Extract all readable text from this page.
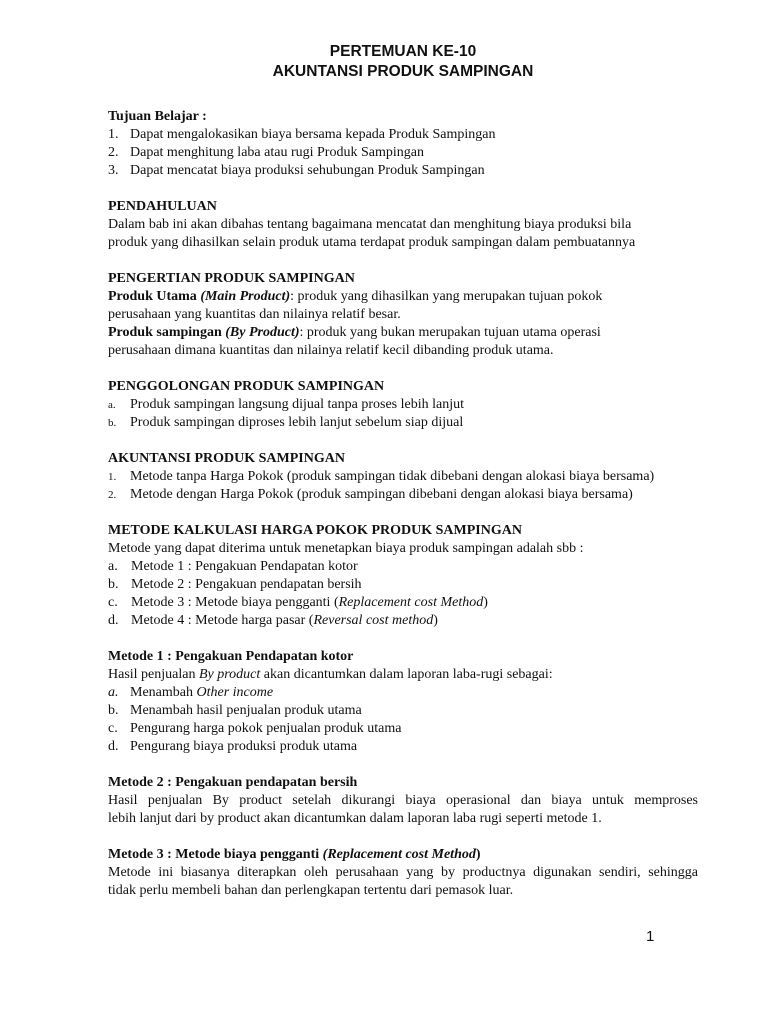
PERTEMUAN KE-10
AKUNTANSI PRODUK SAMPINGAN
Tujuan Belajar :
1. Dapat mengalokasikan biaya bersama kepada Produk Sampingan
2. Dapat menghitung laba atau rugi Produk Sampingan
3. Dapat mencatat biaya produksi sehubungan Produk Sampingan
PENDAHULUAN
Dalam bab ini akan dibahas tentang bagaimana mencatat dan menghitung biaya produksi bila
produk yang dihasilkan selain produk utama terdapat produk sampingan dalam pembuatannya
PENGERTIAN PRODUK SAMPINGAN
Produk Utama (Main Product): produk yang dihasilkan yang merupakan tujuan pokok
perusahaan yang kuantitas dan nilainya relatif besar.
Produk sampingan (By Product): produk yang bukan merupakan tujuan utama operasi
perusahaan dimana kuantitas dan nilainya relatif kecil dibanding produk utama.
PENGGOLONGAN PRODUK SAMPINGAN
a.	Produk sampingan langsung dijual tanpa proses lebih lanjut
b. Produk sampingan diproses lebih lanjut sebelum siap dijual
AKUNTANSI PRODUK SAMPINGAN
1. Metode tanpa Harga Pokok (produk sampingan tidak dibebani dengan alokasi biaya bersama)
2. Metode dengan Harga Pokok (produk sampingan dibebani dengan alokasi biaya bersama)
METODE KALKULASI HARGA POKOK PRODUK SAMPINGAN
Metode yang dapat diterima untuk menetapkan biaya produk sampingan adalah sbb :
a. Metode 1 : Pengakuan Pendapatan kotor
b. Metode 2 : Pengakuan pendapatan bersih
c. Metode 3 : Metode biaya pengganti (Replacement cost Method)
d. Metode 4 : Metode harga pasar (Reversal cost method)
Metode 1 : Pengakuan Pendapatan kotor
Hasil penjualan By product akan dicantumkan dalam laporan laba-rugi sebagai:
a. Menambah Other income
b. Menambah hasil penjualan produk utama
c. Pengurang harga pokok penjualan produk utama
d. Pengurang biaya produksi produk utama
Metode 2 : Pengakuan pendapatan bersih
Hasil penjualan By product setelah dikurangi biaya operasional dan biaya untuk memproses
lebih lanjut dari by product akan dicantumkan dalam laporan laba rugi seperti metode 1.
Metode 3 : Metode biaya pengganti (Replacement cost Method)
Metode ini biasanya diterapkan oleh perusahaan yang by productnya digunakan sendiri, sehingga
tidak perlu membeli bahan dan perlengkapan tertentu dari pemasok luar.
1
